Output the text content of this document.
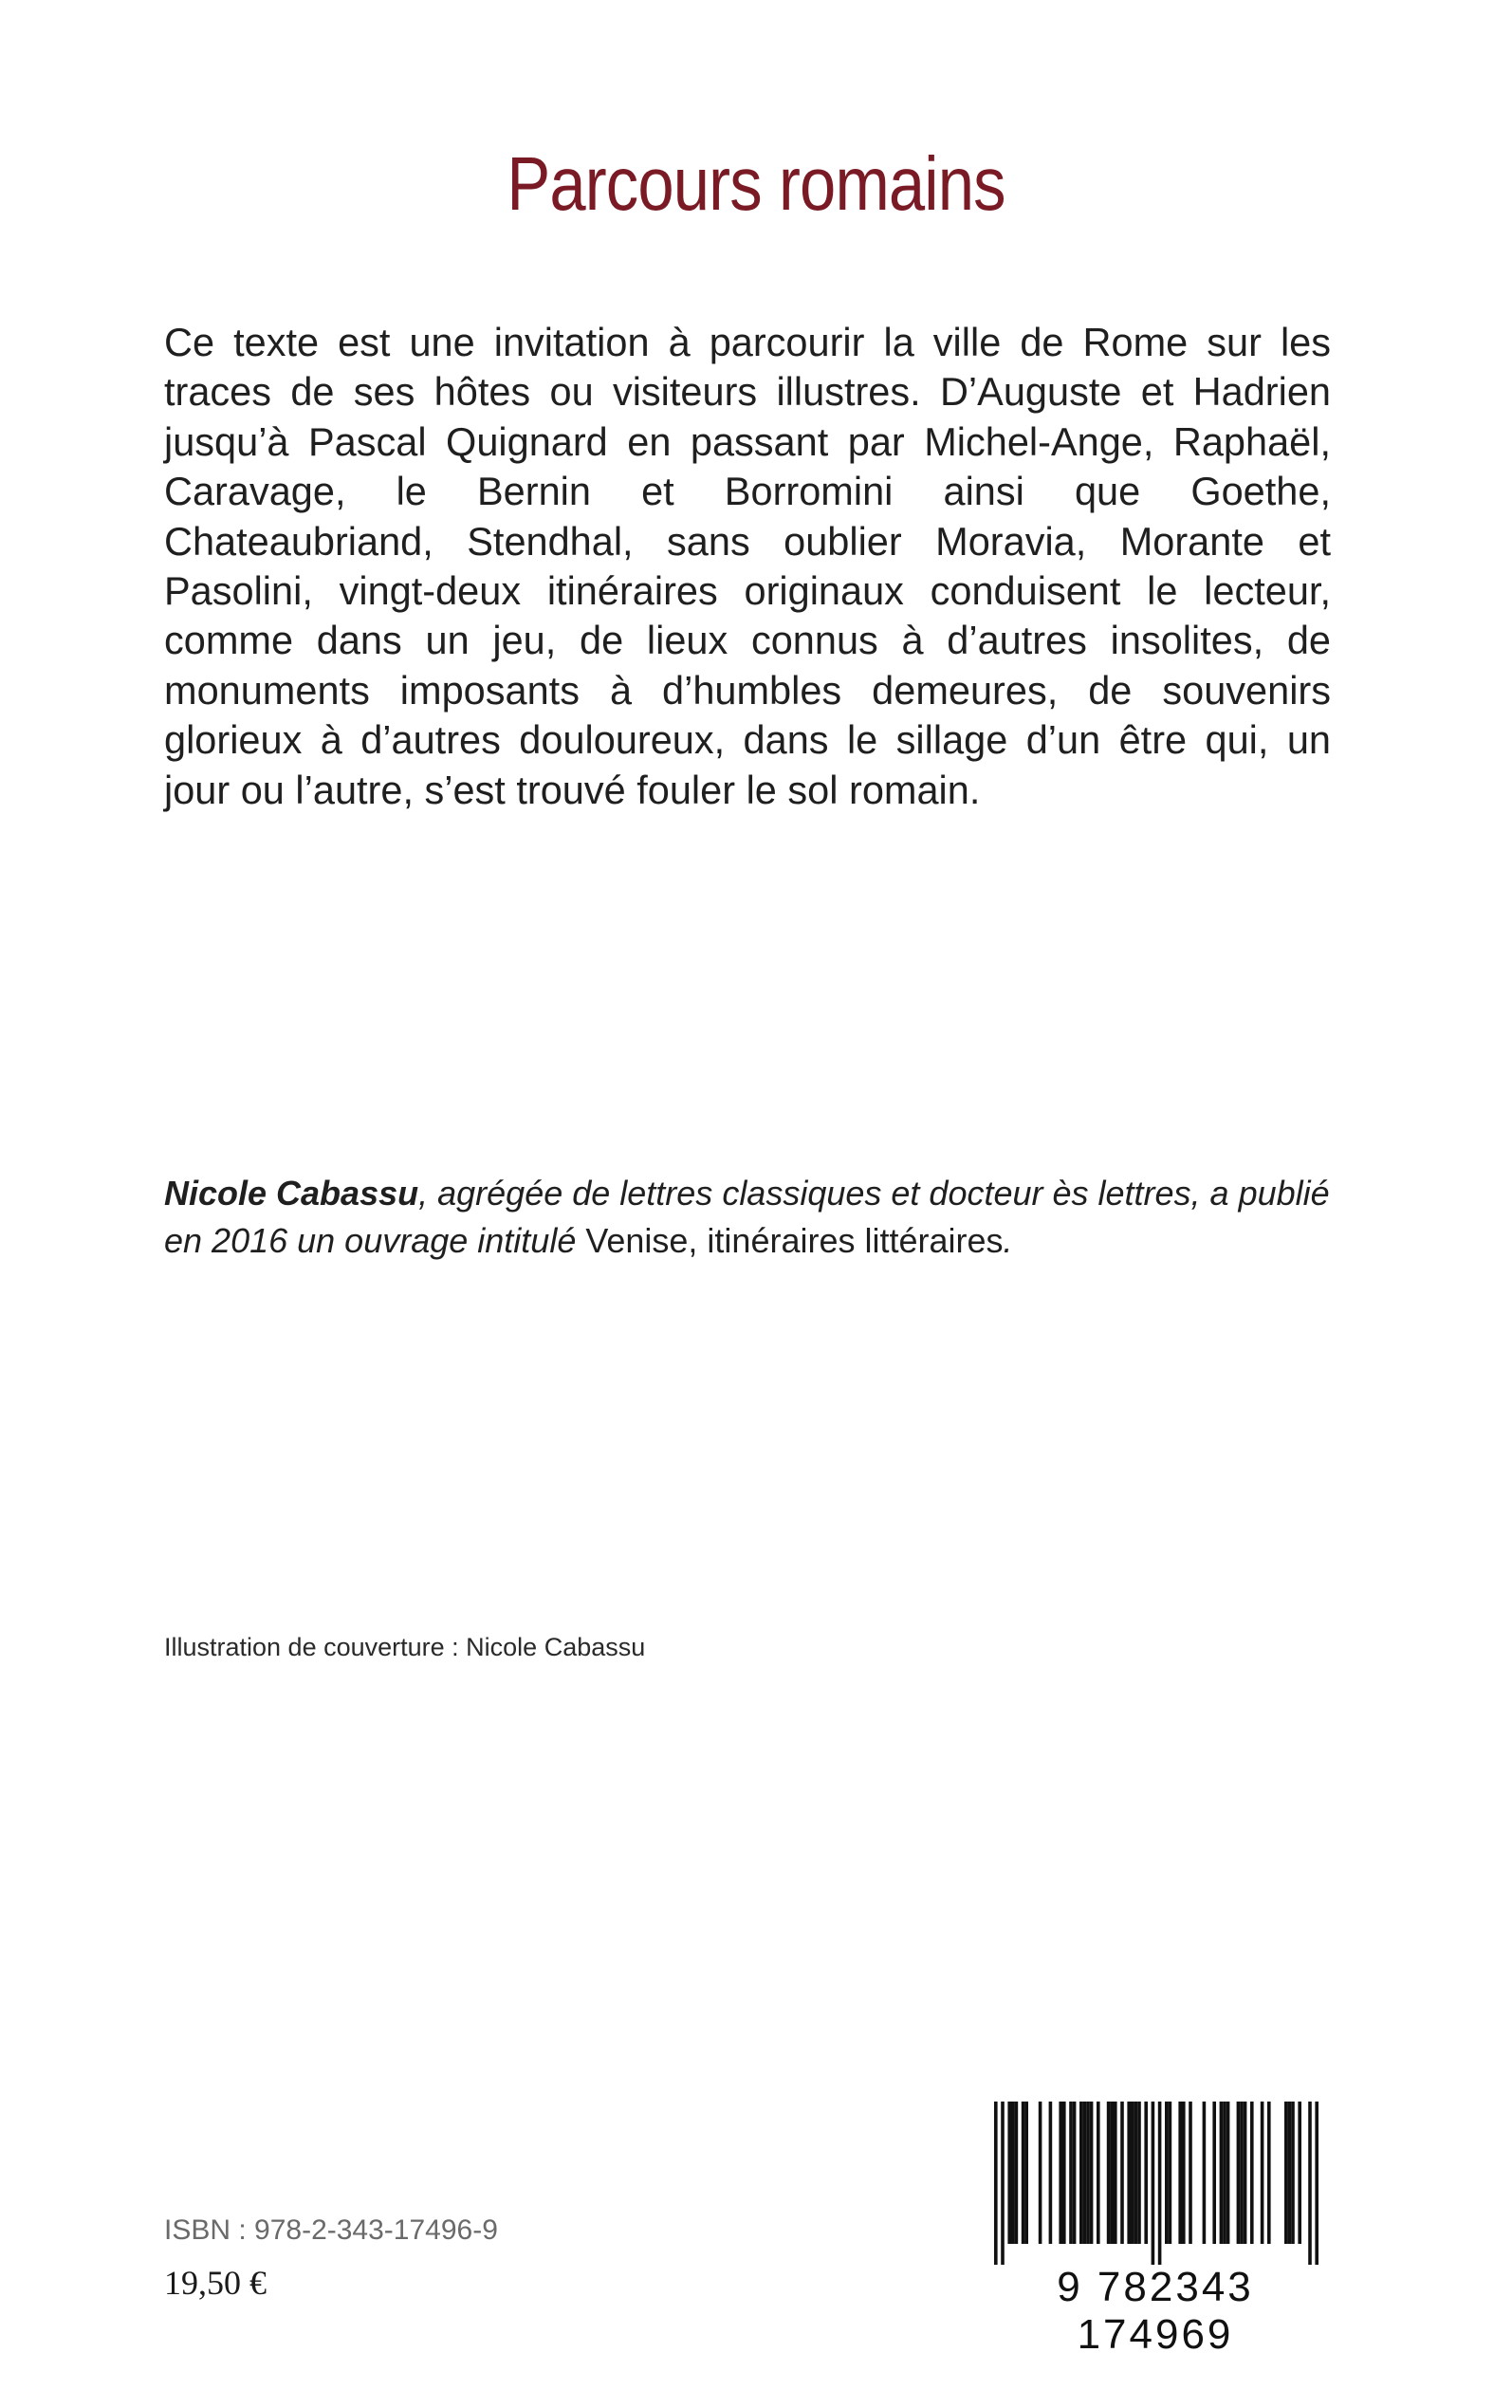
Parcours romains

Ce texte est une invitation à parcourir la ville de Rome sur les traces de ses hôtes ou visiteurs illustres. D’Auguste et Hadrien jusqu’à Pascal Quignard en passant par Michel-Ange, Raphaël, Caravage, le Bernin et Borromini ainsi que Goethe, Chateaubriand, Stendhal, sans oublier Moravia, Morante et Pasolini, vingt-deux itinéraires originaux conduisent le lecteur, comme dans un jeu, de lieux connus à d’autres insolites, de monuments imposants à d’humbles demeures, de souvenirs glorieux à d’autres douloureux, dans le sillage d’un être qui, un jour ou l’autre, s’est trouvé fouler le sol romain.

Nicole Cabassu, agrégée de lettres classiques et docteur ès lettres, a publié en 2016 un ouvrage intitulé Venise, itinéraires littéraires.

Illustration de couverture : Nicole Cabassu

ISBN : 978-2-343-17496-9

19,50 €	9 782343 174969
